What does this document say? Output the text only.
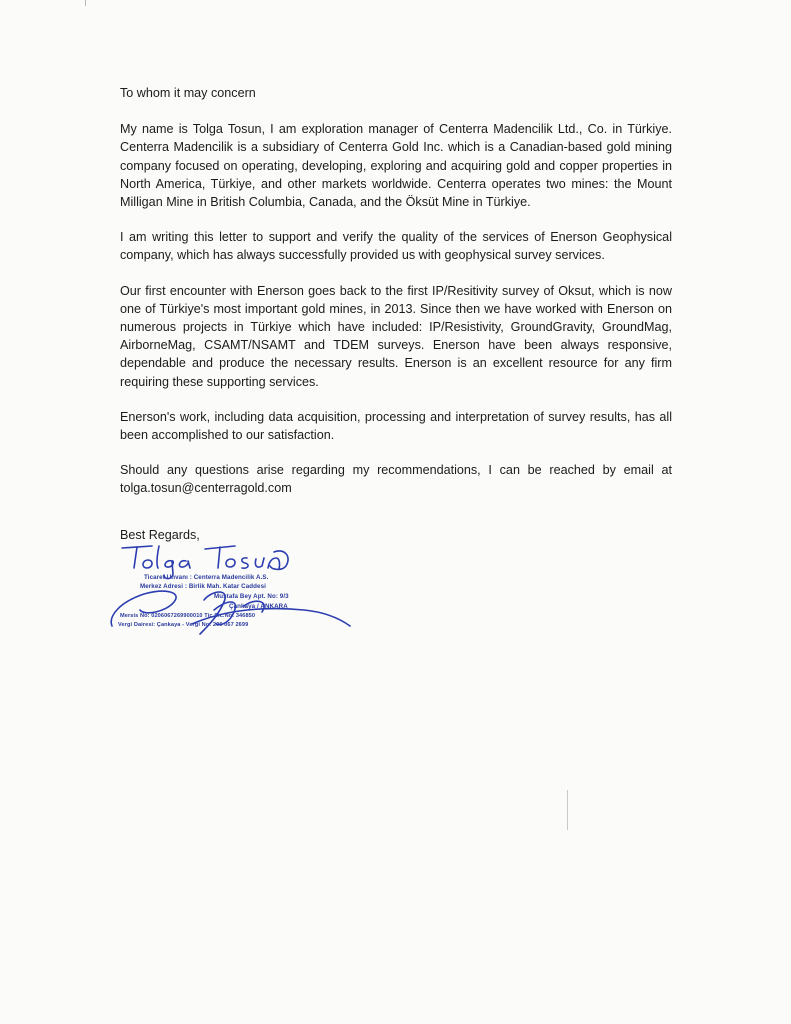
To whom it may concern

My name is Tolga Tosun, I am exploration manager of Centerra Madencilik Ltd., Co. in Türkiye. Centerra Madencilik is a subsidiary of Centerra Gold Inc. which is a Canadian-based gold mining company focused on operating, developing, exploring and acquiring gold and copper properties in North America, Türkiye, and other markets worldwide. Centerra operates two mines: the Mount Milligan Mine in British Columbia, Canada, and the Öksüt Mine in Türkiye.

I am writing this letter to support and verify the quality of the services of Enerson Geophysical company, which has always successfully provided us with geophysical survey services.

Our first encounter with Enerson goes back to the first IP/Resitivity survey of Oksut, which is now one of Türkiye's most important gold mines, in 2013. Since then we have worked with Enerson on numerous projects in Türkiye which have included: IP/Resistivity, GroundGravity, GroundMag, AirborneMag, CSAMT/NSAMT and TDEM surveys. Enerson have been always responsive, dependable and produce the necessary results. Enerson is an excellent resource for any firm requiring these supporting services.

Enerson's work, including data acquisition, processing and interpretation of survey results, has all been accomplished to our satisfaction.

Should any questions arise regarding my recommendations, I can be reached by email at tolga.tosun@centerragold.com

Best Regards,
Ticaret Unvanı : Centerra Madencilik A.S.
Merkez Adresi : Birlik Mah. Katar Caddesi
Mustafa Bey Apt. No: 9/3
Çankaya / ANKARA
Mersis No: 0206067269900010 Tic.Sic.No: 346850
Vergi Dairesi: Çankaya - Vergi No: 206 067 2699
